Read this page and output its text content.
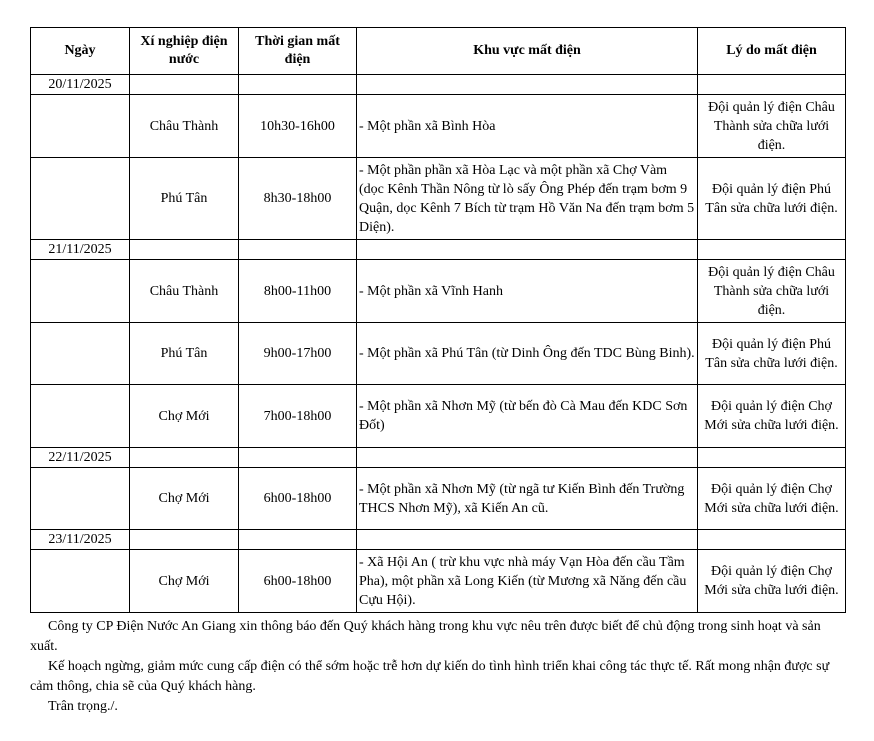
Ngày	Xí nghiệp điện nước	Thời gian mất điện	Khu vực mất điện	Lý do mất điện
20/11/2025				
	Châu Thành	10h30-16h00	- Một phần xã Bình Hòa	Đội quản lý điện Châu Thành sửa chữa lưới điện.
	Phú Tân	8h30-18h00	- Một phần phần xã Hòa Lạc và một phần xã Chợ Vàm (dọc Kênh Thần Nông từ lò sấy Ông Phép đến trạm bơm 9 Quận, dọc Kênh 7 Bích từ trạm Hồ Văn Na đến trạm bơm 5 Diện).	Đội quản lý điện Phú Tân sửa chữa lưới điện.
21/11/2025				
	Châu Thành	8h00-11h00	- Một phần xã Vĩnh Hanh	Đội quản lý điện Châu Thành sửa chữa lưới điện.
	Phú Tân	9h00-17h00	- Một phần xã Phú Tân (từ Dinh Ông đến TDC Bùng Binh).	Đội quản lý điện Phú Tân sửa chữa lưới điện.
	Chợ Mới	7h00-18h00	- Một phần xã Nhơn Mỹ (từ bến đò Cà Mau đến KDC Sơn Đốt)	Đội quản lý điện Chợ Mới sửa chữa lưới điện.
22/11/2025				
	Chợ Mới	6h00-18h00	- Một phần xã Nhơn Mỹ (từ ngã tư Kiến Bình đến Trường THCS Nhơn Mỹ), xã Kiến An cũ.	Đội quản lý điện Chợ Mới sửa chữa lưới điện.
23/11/2025				
	Chợ Mới	6h00-18h00	- Xã Hội An ( trừ khu vực nhà máy Vạn Hòa đến cầu Tầm Pha), một phần xã Long Kiến (từ Mương xã Năng đến cầu Cựu Hội).	Đội quản lý điện Chợ Mới sửa chữa lưới điện.

Công ty CP Điện Nước An Giang xin thông báo đến Quý khách hàng trong khu vực nêu trên được biết để chủ động trong sinh hoạt và sản xuất.

Kế hoạch ngừng, giảm mức cung cấp điện có thể sớm hoặc trễ hơn dự kiến do tình hình triển khai công tác thực tế. Rất mong nhận được sự cảm thông, chia sẽ của Quý khách hàng.

Trân trọng./.
